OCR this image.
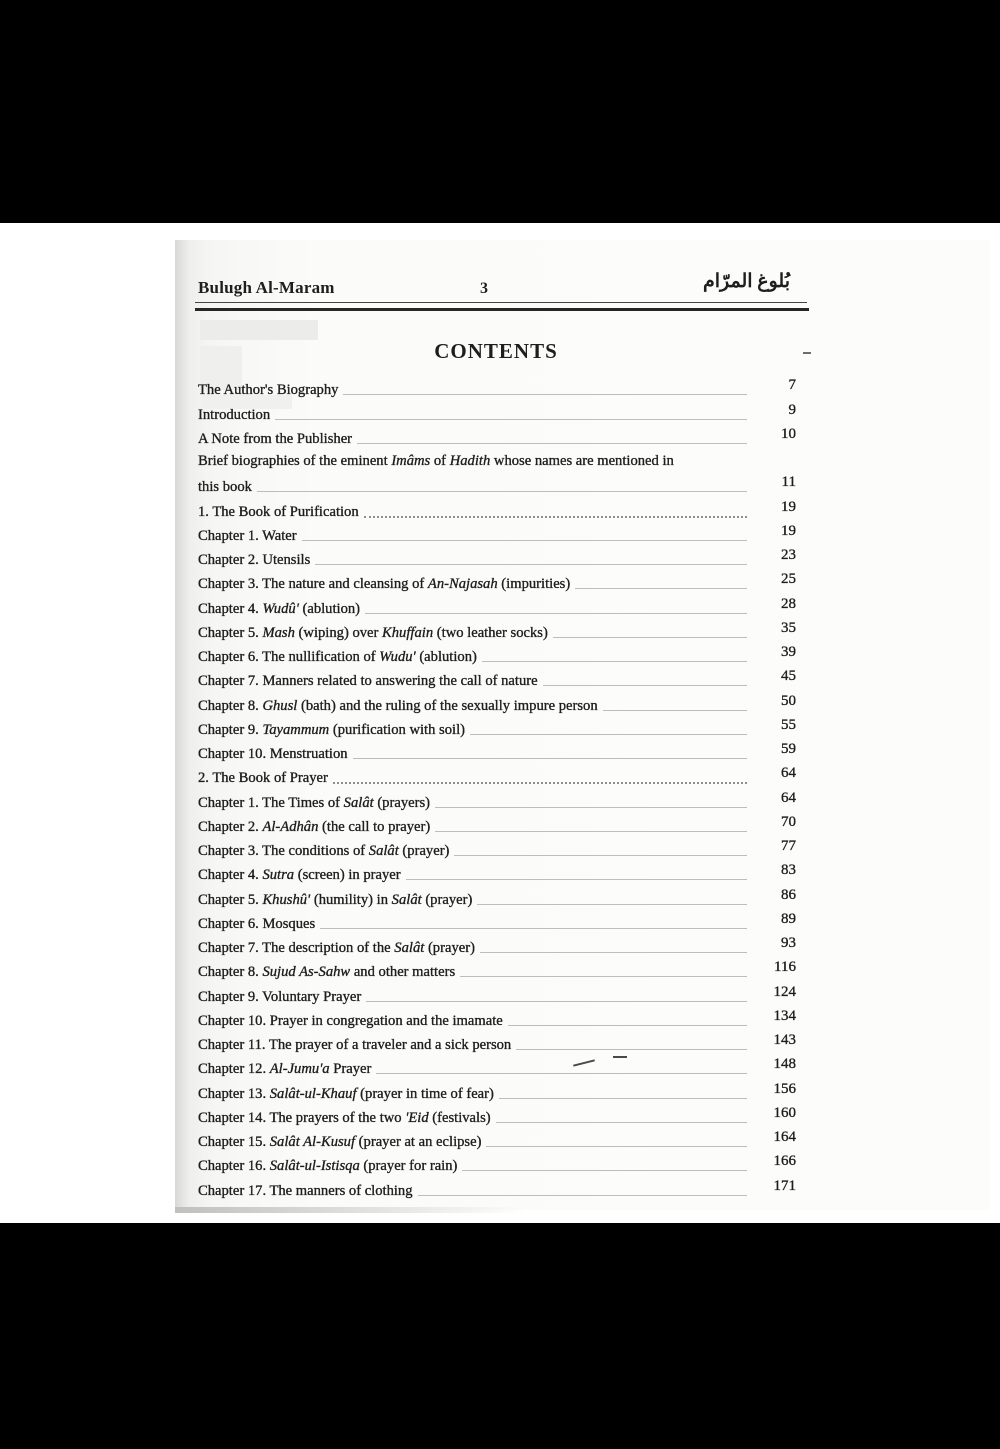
Bulugh Al-Maram	3	بُلوغ المرّام
CONTENTS
The Author's Biography	7
Introduction	9
A Note from the Publisher	10
Brief biographies of the eminent Imâms of Hadith whose names are mentioned in
this book	11
1. The Book of Purification	19
Chapter 1. Water	19
Chapter 2. Utensils	23
Chapter 3. The nature and cleansing of An-Najasah (impurities)	25
Chapter 4. Wudû' (ablution)	28
Chapter 5. Mash (wiping) over Khuffain (two leather socks)	35
Chapter 6. The nullification of Wudu' (ablution)	39
Chapter 7. Manners related to answering the call of nature	45
Chapter 8. Ghusl (bath) and the ruling of the sexually impure person	50
Chapter 9. Tayammum (purification with soil)	55
Chapter 10. Menstruation	59
2. The Book of Prayer	64
Chapter 1. The Times of Salât (prayers)	64
Chapter 2. Al-Adhân (the call to prayer)	70
Chapter 3. The conditions of Salât (prayer)	77
Chapter 4. Sutra (screen) in prayer	83
Chapter 5. Khushû' (humility) in Salât (prayer)	86
Chapter 6. Mosques	89
Chapter 7. The description of the Salât (prayer)	93
Chapter 8. Sujud As-Sahw and other matters	116
Chapter 9. Voluntary Prayer	124
Chapter 10. Prayer in congregation and the imamate	134
Chapter 11. The prayer of a traveler and a sick person	143
Chapter 12. Al-Jumu'a Prayer	148
Chapter 13. Salât-ul-Khauf (prayer in time of fear)	156
Chapter 14. The prayers of the two 'Eid (festivals)	160
Chapter 15. Salât Al-Kusuf (prayer at an eclipse)	164
Chapter 16. Salât-ul-Istisqa (prayer for rain)	166
Chapter 17. The manners of clothing	171
